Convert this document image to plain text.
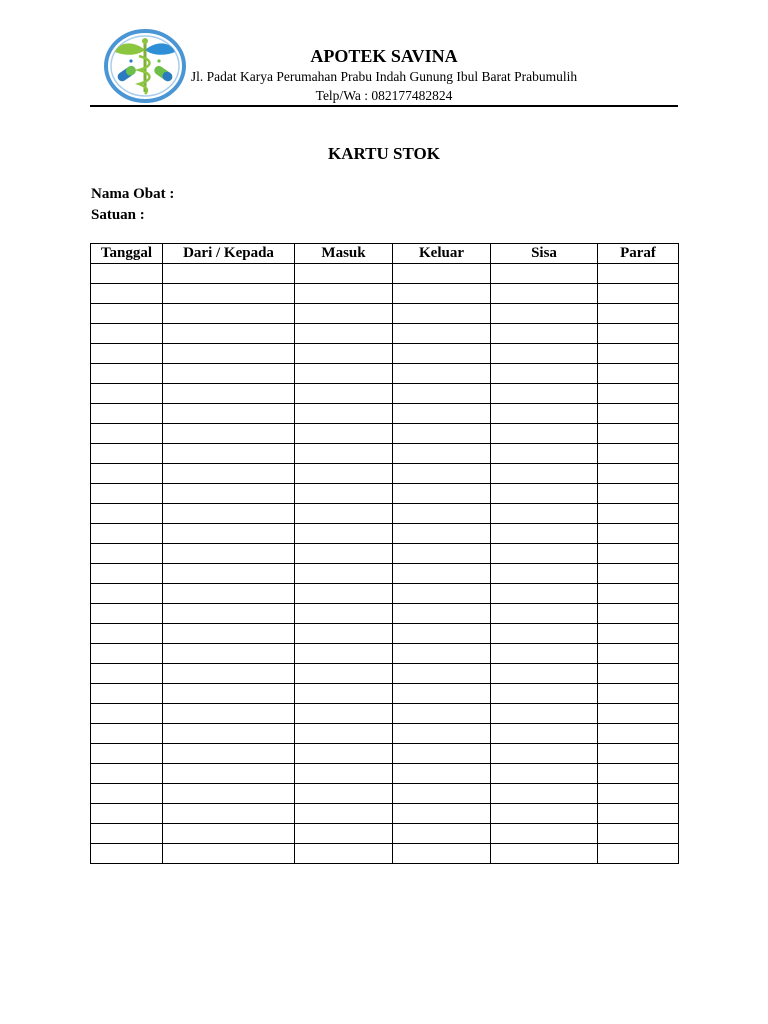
APOTEK SAVINA
Jl. Padat Karya Perumahan Prabu Indah Gunung Ibul Barat Prabumulih
Telp/Wa : 082177482824
KARTU STOK
Nama Obat :
Satuan :
Tanggal	Dari / Kepada	Masuk	Keluar	Sisa	Paraf
